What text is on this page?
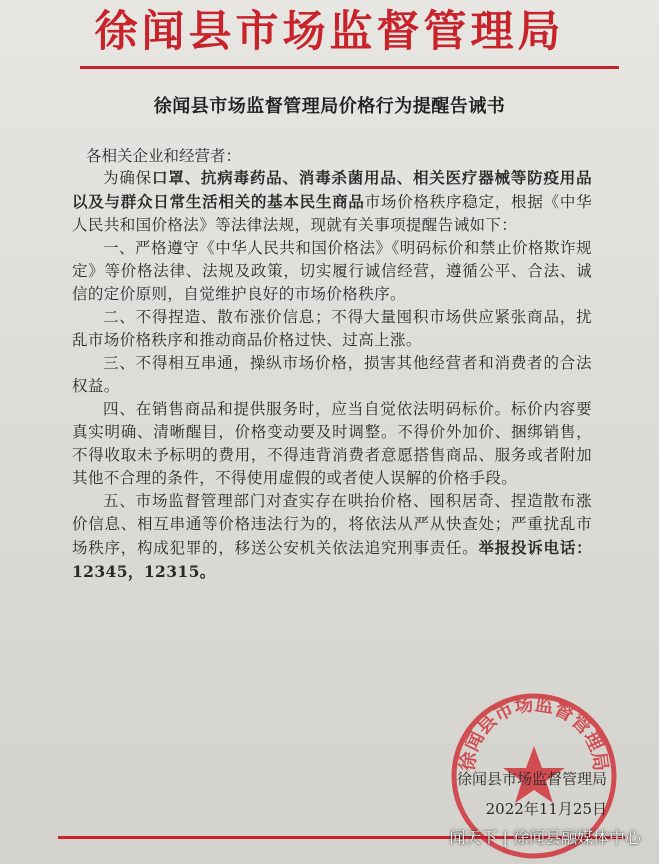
徐闻县市场监督管理局
徐闻县市场监督管理局价格行为提醒告诫书
各相关企业和经营者：

为确保口罩、抗病毒药品、消毒杀菌用品、相关医疗器械等防疫用品以及与群众日常生活相关的基本民生商品市场价格秩序稳定，根据《中华人民共和国价格法》等法律法规，现就有关事项提醒告诫如下：

一、严格遵守《中华人民共和国价格法》《明码标价和禁止价格欺诈规定》等价格法律、法规及政策，切实履行诚信经营，遵循公平、合法、诚信的定价原则，自觉维护良好的市场价格秩序。

二、不得捏造、散布涨价信息；不得大量囤积市场供应紧张商品，扰乱市场价格秩序和推动商品价格过快、过高上涨。

三、不得相互串通，操纵市场价格，损害其他经营者和消费者的合法权益。

四、在销售商品和提供服务时，应当自觉依法明码标价。标价内容要真实明确、清晰醒目，价格变动要及时调整。不得价外加价、捆绑销售，不得收取未予标明的费用，不得违背消费者意愿搭售商品、服务或者附加其他不合理的条件，不得使用虚假的或者使人误解的价格手段。

五、市场监督管理部门对查实存在哄抬价格、囤积居奇、捏造散布涨价信息、相互串通等价格违法行为的，将依法从严从快查处；严重扰乱市场秩序，构成犯罪的，移送公安机关依法追究刑事责任。举报投诉电话：12345，12315。

徐闻县市场监督管理局
徐闻县市场监督管理局
2022年11月25日
闻天下 | 徐闻县融媒体中心
